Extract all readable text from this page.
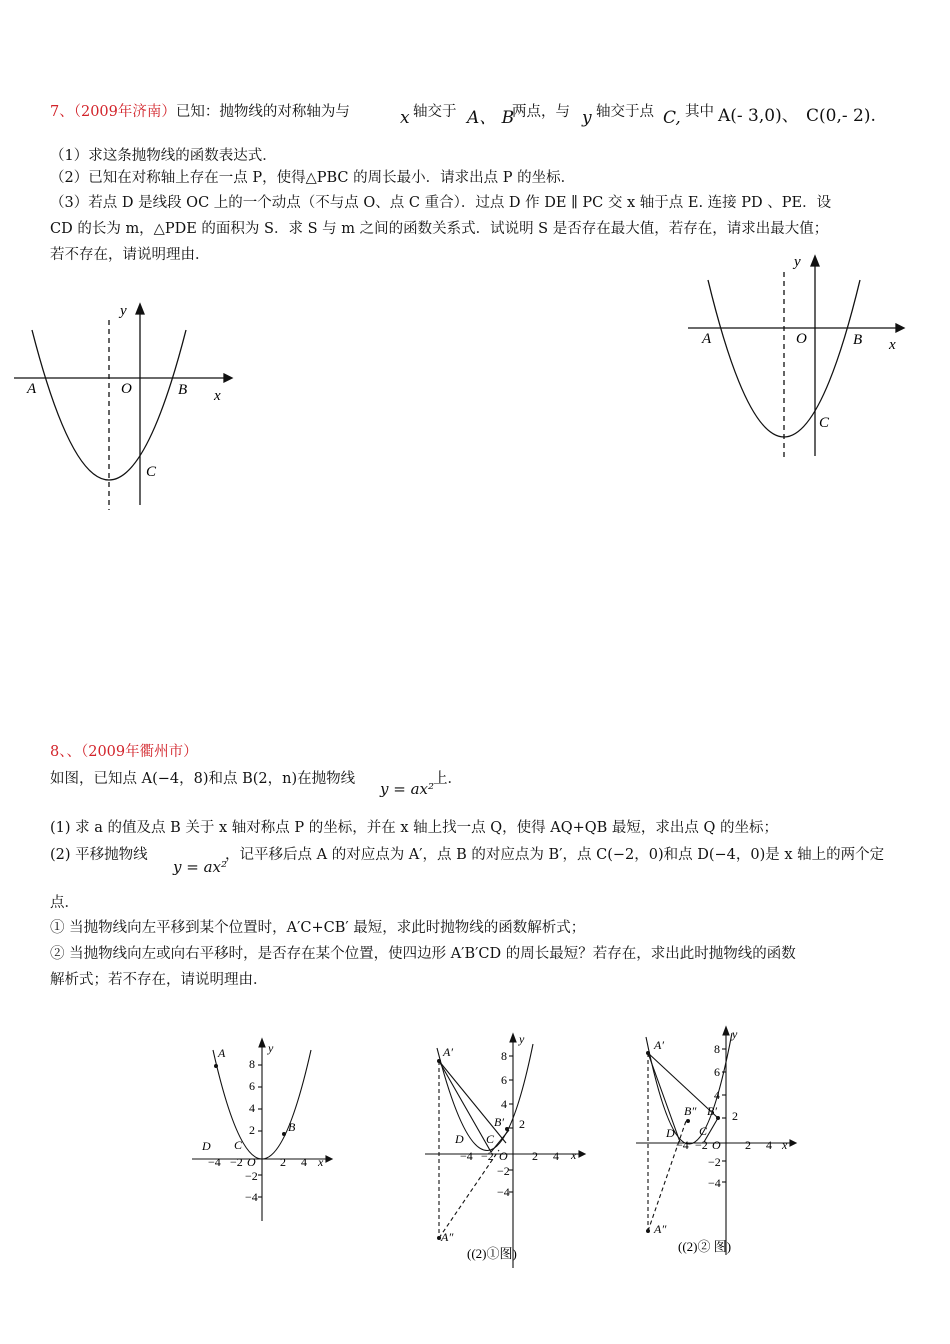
7、（2009年济南）已知：抛物线的对称轴为与	x 轴交于 A、 B
两点，与 y 轴交于点 C, 其中 A(- 3,0)、 C(0,- 2).
（1）求这条抛物线的函数表达式．
（2）已知在对称轴上存在一点 P，使得△PBC 的周长最小．请求出点 P 的坐标．
（3）若点 D 是线段 OC 上的一个动点（不与点 O、点 C 重合）．过点 D 作 DE ∥ PC 交 x 轴于点 E. 连接 PD 、PE．设
CD 的长为 m，△PDE 的面积为 S．求 S 与 m 之间的函数关系式．试说明 S 是否存在最大值，若存在，请求出最大值；
若不存在，请说明理由．
y
A	O	B x
C
y
A	O	B x
C
8、、（2009年衢州市）
如图，已知点 A(−4，8)和点 B(2，n)在抛物线
y = ax²
上．
(1) 求 a 的值及点 B 关于 x 轴对称点 P 的坐标，并在 x 轴上找一点 Q，使得 AQ+QB 最短，求出点 Q 的坐标；
(2) 平移抛物线
y = ax²
，记平移后点 A 的对应点为 A′，点 B 的对应点为 B′，点 C(−2，0)和点 D(−4，0)是 x 轴上的两个定
点．
① 当抛物线向左平移到某个位置时，A′C+CB′ 最短，求此时抛物线的函数解析式；
② 当抛物线向左或向右平移时，是否存在某个位置，使四边形 A′B′CD 的周长最短？若存在，求出此时抛物线的函数
解析式；若不存在，请说明理由．
A
B
y
x
D C
O
8
6
4
2
−2
−4
2 4
−4 −2
A′
A″
B′
y
x
D C
O
8
6
4
2
−2
−4
2 4
−4 −2
((2)①图)
A′
A″
B″ B′
y
x
D C
O
8
6
4
2
−2
−4
2 4
−4 −2
((2)② 图)
